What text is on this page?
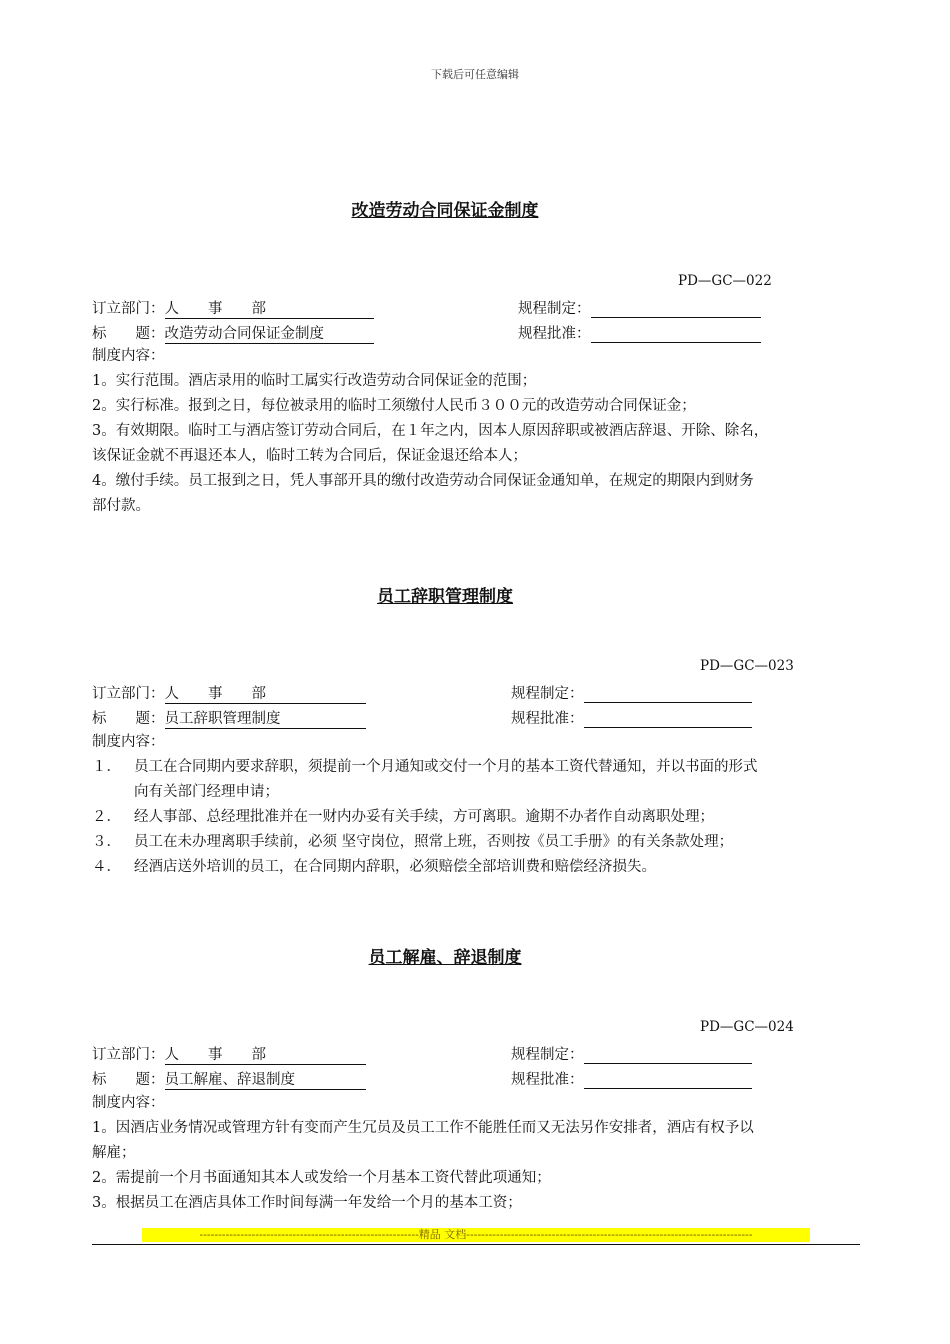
下载后可任意编辑
改造劳动合同保证金制度
PD—GC—022
订立部门：人　　事　　部	规程制定：
标　　题：改造劳动合同保证金制度	规程批准：
制度内容：
1。实行范围。酒店录用的临时工属实行改造劳动合同保证金的范围；
2。实行标准。报到之日，每位被录用的临时工须缴付人民币３００元的改造劳动合同保证金；
3。有效期限。临时工与酒店签订劳动合同后，在１年之内，因本人原因辞职或被酒店辞退、开除、除名，
该保证金就不再退还本人，临时工转为合同后，保证金退还给本人；
4。缴付手续。员工报到之日，凭人事部开具的缴付改造劳动合同保证金通知单，在规定的期限内到财务
部付款。
员工辞职管理制度
PD—GC—023
订立部门：人　　事　　部	规程制定：
标　　题：员工辞职管理制度	规程批准：
制度内容：
１． 员工在合同期内要求辞职，须提前一个月通知或交付一个月的基本工资代替通知，并以书面的形式
向有关部门经理申请；
２． 经人事部、总经理批准并在一财内办妥有关手续，方可离职。逾期不办者作自动离职处理；
３． 员工在未办理离职手续前，必须 坚守岗位，照常上班，否则按《员工手册》的有关条款处理；
４． 经酒店送外培训的员工，在合同期内辞职，必须赔偿全部培训费和赔偿经济损失。
员工解雇、辞退制度
PD—GC—024
订立部门：人　　事　　部	规程制定：
标　　题：员工解雇、辞退制度	规程批准：
制度内容：
1。因酒店业务情况或管理方针有变而产生冗员及员工工作不能胜任而又无法另作安排者，酒店有权予以
解雇；
2。需提前一个月书面通知其本人或发给一个月基本工资代替此项通知；
3。根据员工在酒店具体工作时间每满一年发给一个月的基本工资；
-----------------------------------------------------------精品 文档-----------------------------------------------------------------------------
